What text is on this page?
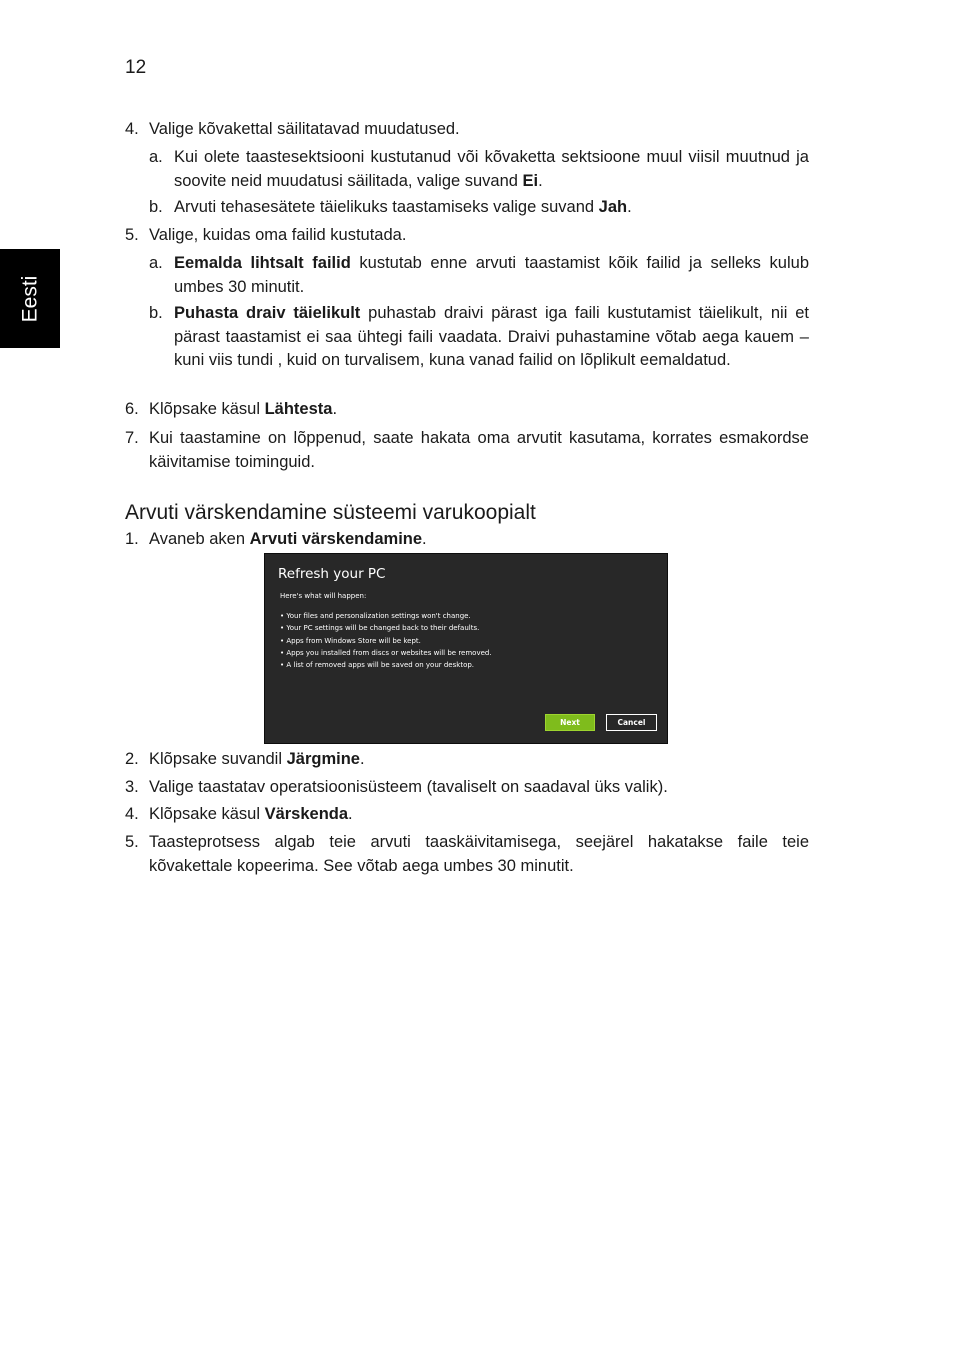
12
Eesti
4. Valige kõvakettal säilitatavad muudatused.
a. Kui olete taastesektsiooni kustutanud või kõvaketta sektsioone muul viisil muutnud ja soovite neid muudatusi säilitada, valige suvand Ei.
b. Arvuti tehasesätete täielikuks taastamiseks valige suvand Jah.
5. Valige, kuidas oma failid kustutada.
a. Eemalda lihtsalt failid kustutab enne arvuti taastamist kõik failid ja selleks kulub umbes 30 minutit.
b. Puhasta draiv täielikult puhastab draivi pärast iga faili kustutamist täielikult, nii et pärast taastamist ei saa ühtegi faili vaadata. Draivi puhastamine võtab aega kauem – kuni viis tundi , kuid on turvalisem, kuna vanad failid on lõplikult eemaldatud.
6. Klõpsake käsul Lähtesta.
7. Kui taastamine on lõppenud, saate hakata oma arvutit kasutama, korrates esmakordse käivitamise toiminguid.
Arvuti värskendamine süsteemi varukoopialt
1. Avaneb aken Arvuti värskendamine.
Refresh your PC
Here's what will happen:
• Your files and personalization settings won't change.
• Your PC settings will be changed back to their defaults.
• Apps from Windows Store will be kept.
• Apps you installed from discs or websites will be removed.
• A list of removed apps will be saved on your desktop.
Next	Cancel
2. Klõpsake suvandil Järgmine.
3. Valige taastatav operatsioonisüsteem (tavaliselt on saadaval üks valik).
4. Klõpsake käsul Värskenda.
5. Taasteprotsess algab teie arvuti taaskäivitamisega, seejärel hakatakse faile teie kõvakettale kopeerima. See võtab aega umbes 30 minutit.
